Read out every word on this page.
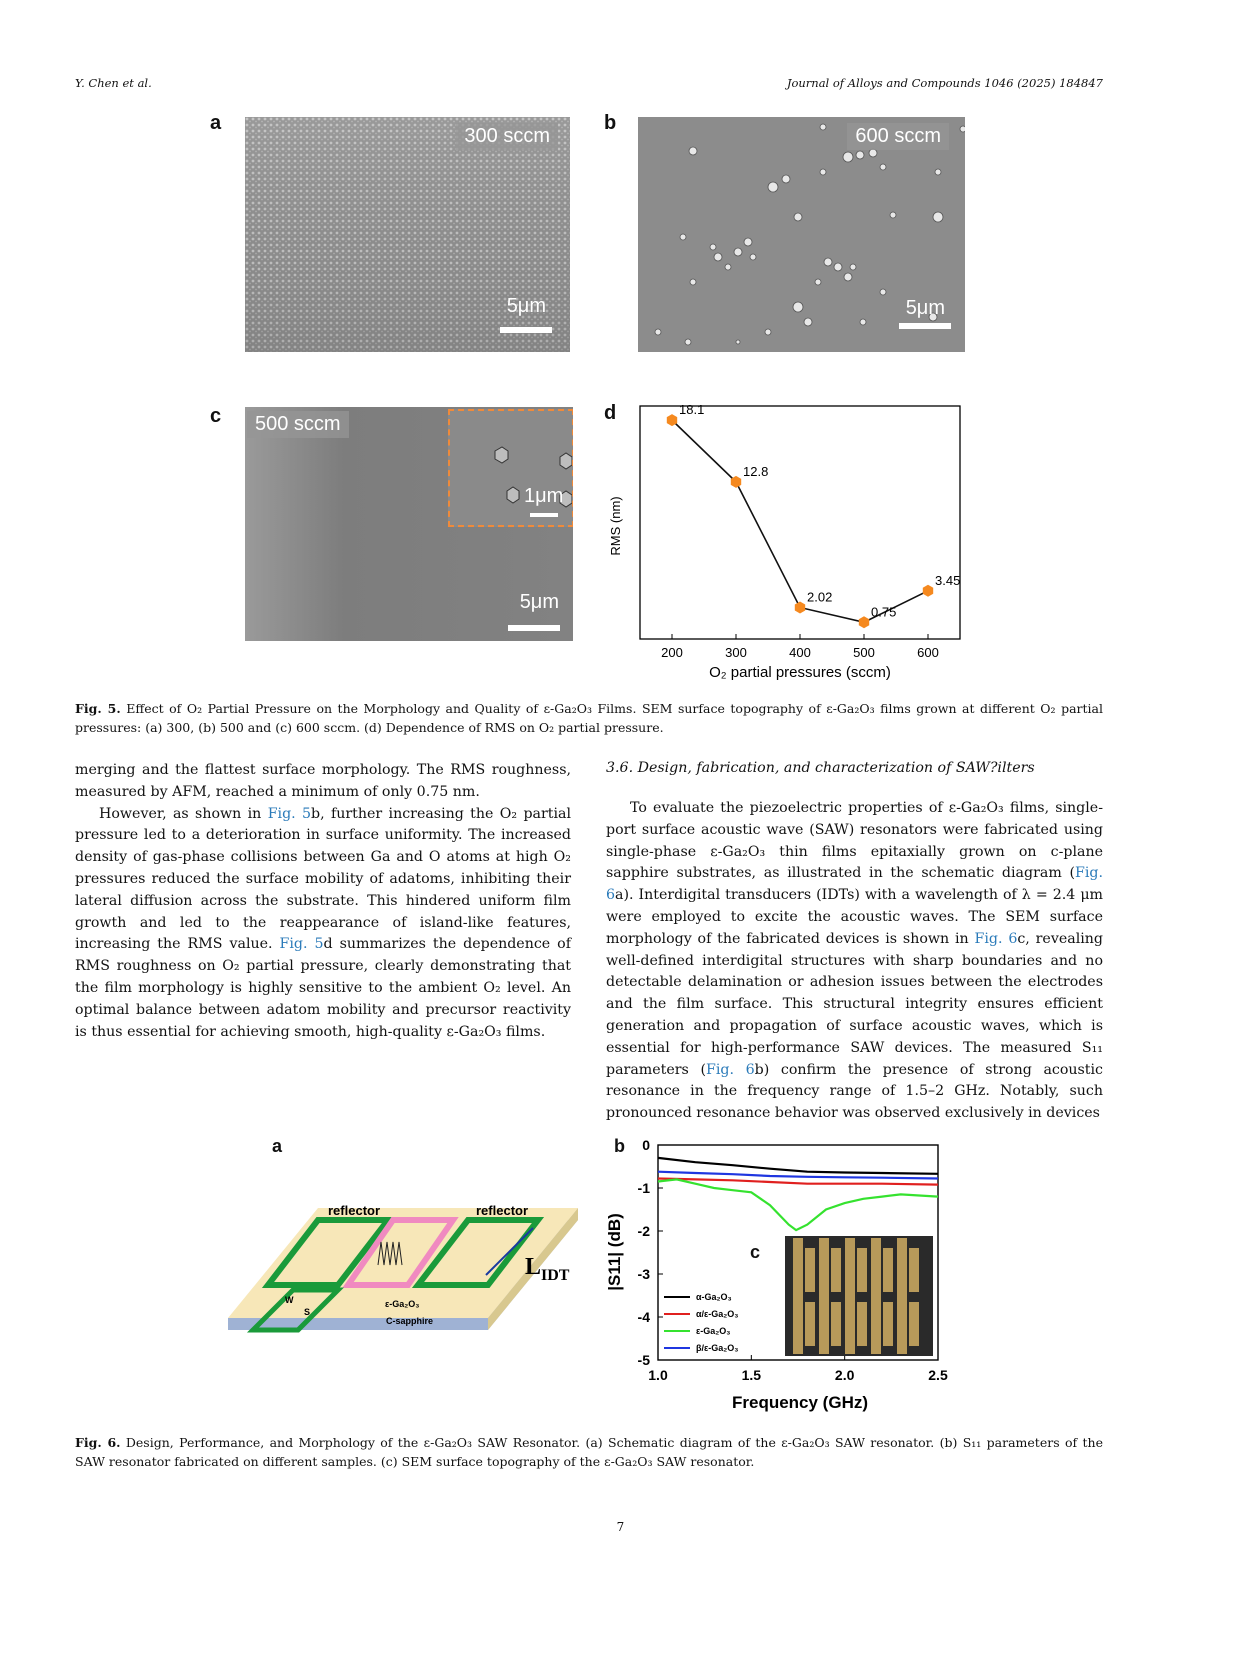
Y. Chen et al.	Journal of Alloys and Compounds 1046 (2025) 184847
a
300 sccm
5μm
b
600 sccm
5μm
c	500 sccm
1μm
5μm
d
200	300	400	500	600
18.1
12.8
2.02
0.75
3.45
RMS (nm)
O₂ partial pressures (sccm)
Fig. 5. Effect of O₂ Partial Pressure on the Morphology and Quality of ε-Ga₂O₃ Films. SEM surface topography of ε-Ga₂O₃ films grown at different O₂ partial pressures: (a) 300, (b) 500 and (c) 600 sccm. (d) Dependence of RMS on O₂ partial pressure.

merging and the flattest surface morphology. The RMS roughness, measured by AFM, reached a minimum of only 0.75 nm.

However, as shown in Fig. 5b, further increasing the O₂ partial pressure led to a deterioration in surface uniformity. The increased density of gas-phase collisions between Ga and O atoms at high O₂ pressures reduced the surface mobility of adatoms, inhibiting their lateral diffusion across the substrate. This hindered uniform film growth and led to the reappearance of island-like features, increasing the RMS value. Fig. 5d summarizes the dependence of RMS roughness on O₂ partial pressure, clearly demonstrating that the film morphology is highly sensitive to the ambient O₂ level. An optimal balance between adatom mobility and precursor reactivity is thus essential for achieving smooth, high-quality ε-Ga₂O₃ films.

3.6. Design, fabrication, and characterization of SAW?ilters
To evaluate the piezoelectric properties of ε-Ga₂O₃ films, single-port surface acoustic wave (SAW) resonators were fabricated using single-phase ε-Ga₂O₃ thin films epitaxially grown on c-plane sapphire substrates, as illustrated in the schematic diagram (Fig. 6a). Interdigital transducers (IDTs) with a wavelength of λ = 2.4 μm were employed to excite the acoustic waves. The SEM surface morphology of the fabricated devices is shown in Fig. 6c, revealing well-defined interdigital structures with sharp boundaries and no detectable delamination or adhesion issues between the electrodes and the film surface. This structural integrity ensures efficient generation and propagation of surface acoustic waves, which is essential for high-performance SAW devices. The measured S₁₁ parameters (Fig. 6b) confirm the presence of strong acoustic resonance in the frequency range of 1.5–2 GHz. Notably, such pronounced resonance behavior was observed exclusively in devices
a
reflector	reflector
$L_{IDT}$
ε-Ga₂O₃
C-sapphire
W
S
b
1.0	1.5	2.0	2.5
0
-1
-2
-3
-4
-5
|S11| (dB)
Frequency (GHz)
α-Ga₂O₃
α/ε-Ga₂O₃
ε-Ga₂O₃
β/ε-Ga₂O₃
c
Fig. 6. Design, Performance, and Morphology of the ε-Ga₂O₃ SAW Resonator. (a) Schematic diagram of the ε-Ga₂O₃ SAW resonator. (b) S₁₁ parameters of the SAW resonator fabricated on different samples. (c) SEM surface topography of the ε-Ga₂O₃ SAW resonator.
7
